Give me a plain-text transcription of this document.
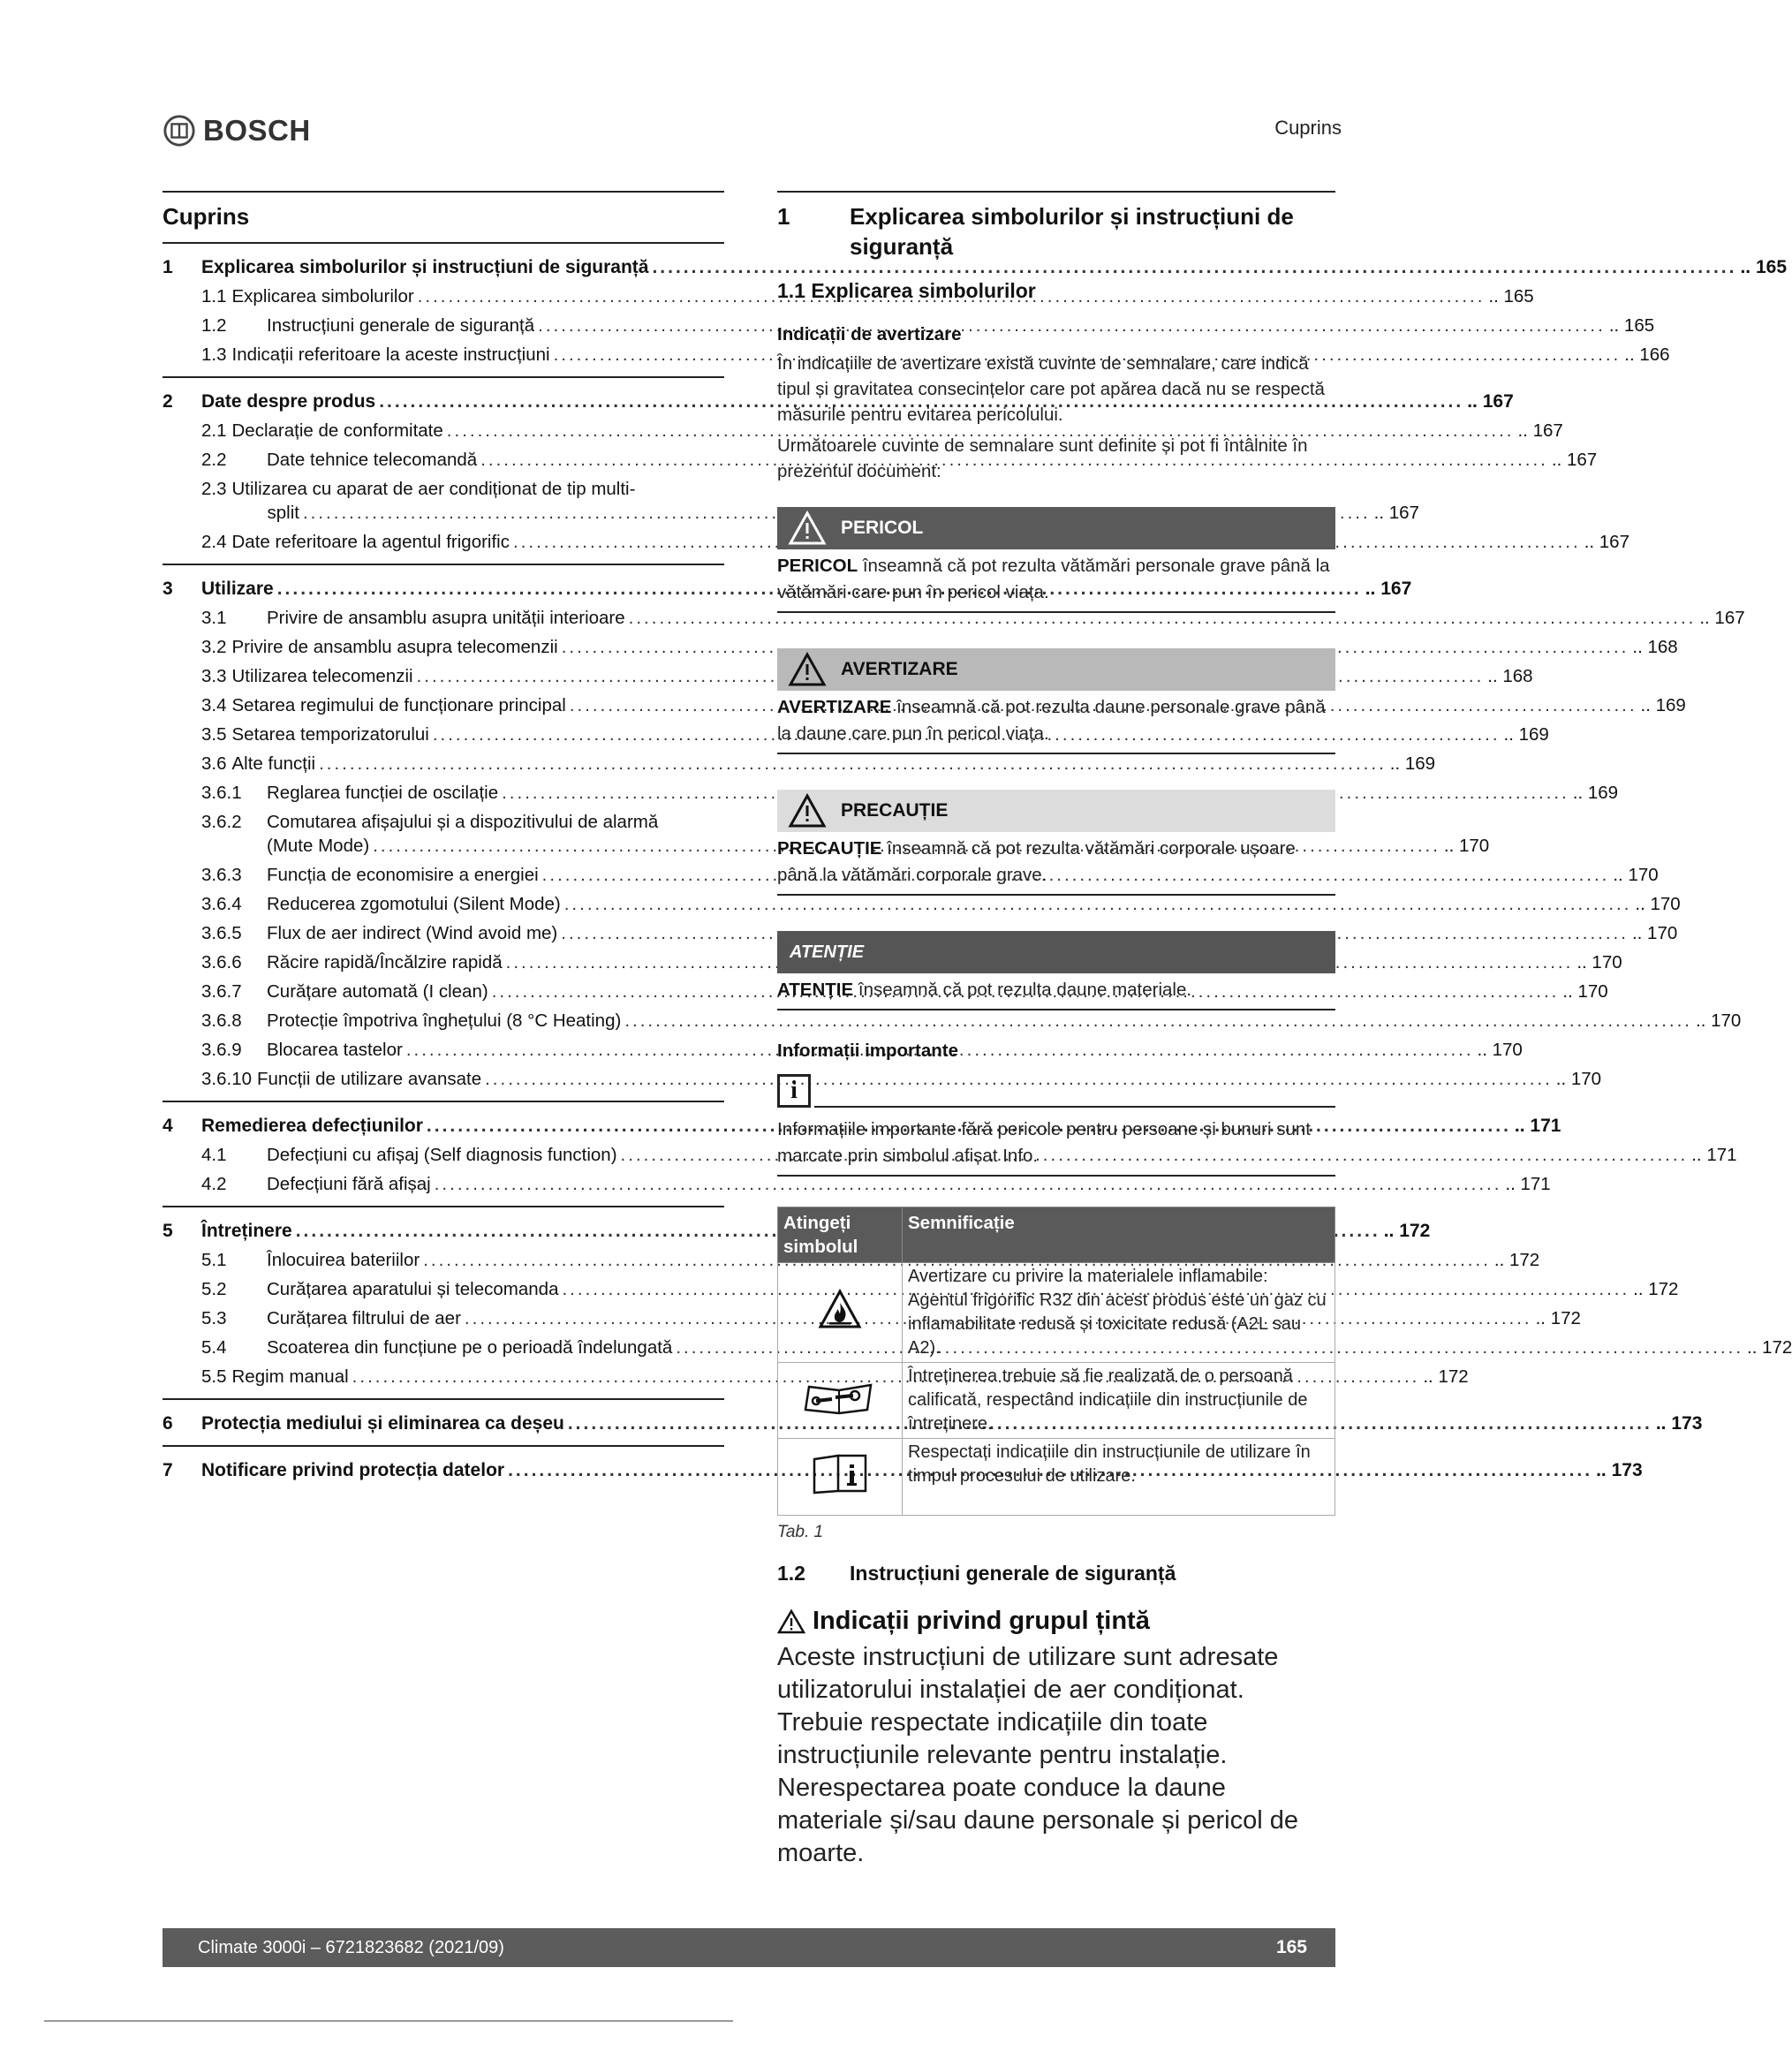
BOSCH	Cuprins
Cuprins
1	Explicarea simbolurilor și instrucțiuni de siguranță .....	.. 165
1.1 Explicarea simbolurilor .....	.. 165
1.2	Instrucțiuni generale de siguranță .....	.. 165
1.3 Indicații referitoare la aceste instrucțiuni .....	.. 166
2	Date despre produs .....	.. 167
2.1 Declarație de conformitate .....	.. 167
2.2	Date tehnice telecomandă .....	.. 167
2.3 Utilizarea cu aparat de aer condiționat de tip multi-
split .....	.. 167
2.4 Date referitoare la agentul frigorific .....	.. 167
3	Utilizare .....	.. 167
3.1	Privire de ansamblu asupra unității interioare .....	.. 167
3.2 Privire de ansamblu asupra telecomenzii .....	.. 168
3.3 Utilizarea telecomenzii .....	.. 168
3.4 Setarea regimului de funcționare principal .....	.. 169
3.5 Setarea temporizatorului .....	.. 169
3.6 Alte funcții .....	.. 169
3.6.1	Reglarea funcției de oscilație .....	.. 169
3.6.2	Comutarea afișajului și a dispozitivului de alarmă
(Mute Mode) .....	.. 170
3.6.3	Funcția de economisire a energiei .....	.. 170
3.6.4	Reducerea zgomotului (Silent Mode) .....	.. 170
3.6.5	Flux de aer indirect (Wind avoid me) .....	.. 170
3.6.6	Răcire rapidă/Încălzire rapidă .....	.. 170
3.6.7	Curățare automată (I clean) .....	.. 170
3.6.8	Protecție împotriva înghețului (8 °C Heating) .....	.. 170
3.6.9	Blocarea tastelor .....	.. 170
3.6.10 Funcții de utilizare avansate .....	.. 170
4	Remedierea defecțiunilor .....	.. 171
4.1	Defecțiuni cu afișaj (Self diagnosis function) .....	.. 171
4.2	Defecțiuni fără afișaj .....	.. 171
5	Întreținere .....	.. 172
5.1	Înlocuirea bateriilor .....	.. 172
5.2	Curățarea aparatului și telecomanda .....	.. 172
5.3	Curățarea filtrului de aer .....	.. 172
5.4	Scoaterea din funcțiune pe o perioadă îndelungată .....	.. 172
5.5 Regim manual .....	.. 172
6	Protecția mediului și eliminarea ca deșeu .....	.. 173
7	Notificare privind protecția datelor .....	.. 173
1	Explicarea simbolurilor și instrucțiuni de siguranță
1.1 Explicarea simbolurilor
Indicații de avertizare
În indicațiile de avertizare există cuvinte de semnalare, care indică tipul și gravitatea consecințelor care pot apărea dacă nu se respectă măsurile pentru evitarea pericolului.
Următoarele cuvinte de semnalare sunt definite și pot fi întâlnite în prezentul document:
PERICOL
PERICOL înseamnă că pot rezulta vătămări personale grave până la vătămări care pun în pericol viața.
AVERTIZARE
AVERTIZARE înseamnă că pot rezulta daune personale grave până la daune care pun în pericol viața.
PRECAUȚIE
PRECAUȚIE înseamnă că pot rezulta vătămări corporale ușoare până la vătămări corporale grave.
ATENȚIE
ATENȚIE înseamnă că pot rezulta daune materiale.
Informații importante
i
Informațiile importante fără pericole pentru persoane și bunuri sunt marcate prin simbolul afișat Info.
Atingeți simbolul	Semnificație
	Avertizare cu privire la materialele inflamabile: Agentul frigorific R32 din acest produs este un gaz cu inflamabilitate redusă și toxicitate redusă (A2L sau A2).
	Întreținerea trebuie să fie realizată de o persoană calificată, respectând indicațiile din instrucțiunile de întreținere.
	Respectați indicațiile din instrucțiunile de utilizare în timpul procesului de utilizare.
Tab. 1
1.2	Instrucțiuni generale de siguranță
Indicații privind grupul țintă
Aceste instrucțiuni de utilizare sunt adresate utilizatorului instalației de aer condiționat. Trebuie respectate indicațiile din toate instrucțiunile relevante pentru instalație. Nerespectarea poate conduce la daune materiale și/sau daune personale și pericol de moarte.
Climate 3000i – 6721823682 (2021/09)	165
